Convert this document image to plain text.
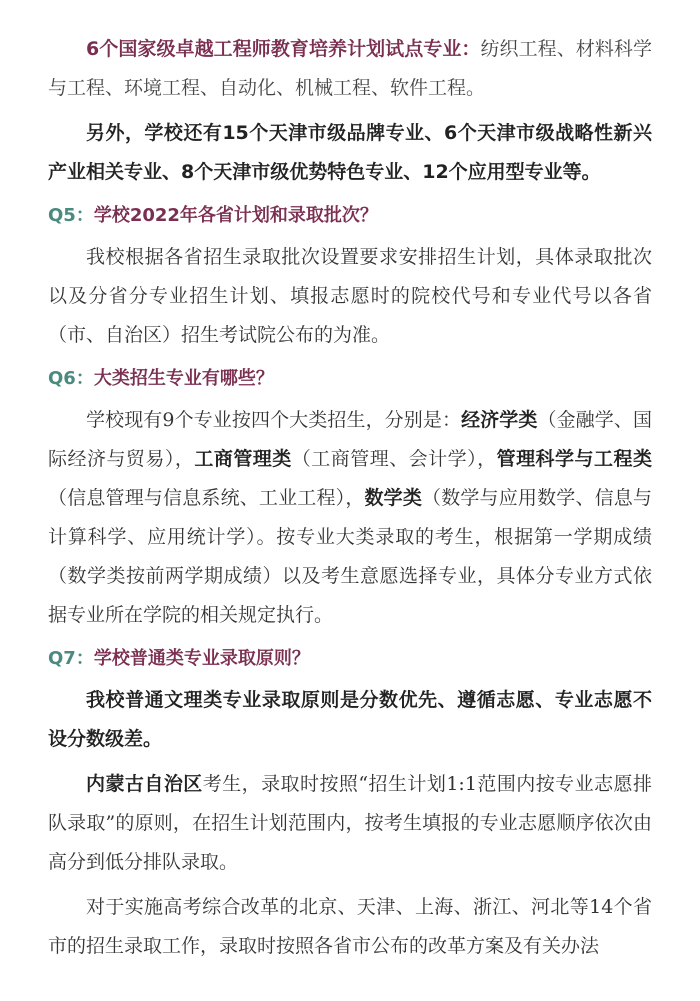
6个国家级卓越工程师教育培养计划试点专业：纺织工程、材料科学与工程、环境工程、自动化、机械工程、软件工程。

另外，学校还有15个天津市级品牌专业、6个天津市级战略性新兴产业相关专业、8个天津市级优势特色专业、12个应用型专业等。

Q5：学校2022年各省计划和录取批次？

我校根据各省招生录取批次设置要求安排招生计划，具体录取批次以及分省分专业招生计划、填报志愿时的院校代号和专业代号以各省（市、自治区）招生考试院公布的为准。

Q6：大类招生专业有哪些？

学校现有9个专业按四个大类招生，分别是：经济学类（金融学、国际经济与贸易），工商管理类（工商管理、会计学），管理科学与工程类（信息管理与信息系统、工业工程），数学类（数学与应用数学、信息与计算科学、应用统计学）。按专业大类录取的考生，根据第一学期成绩（数学类按前两学期成绩）以及考生意愿选择专业，具体分专业方式依据专业所在学院的相关规定执行。

Q7：学校普通类专业录取原则？

我校普通文理类专业录取原则是分数优先、遵循志愿、专业志愿不设分数级差。

内蒙古自治区考生，录取时按照“招生计划1:1范围内按专业志愿排队录取”的原则，在招生计划范围内，按考生填报的专业志愿顺序依次由高分到低分排队录取。

对于实施高考综合改革的北京、天津、上海、浙江、河北等14个省市的招生录取工作，录取时按照各省市公布的改革方案及有关办法
